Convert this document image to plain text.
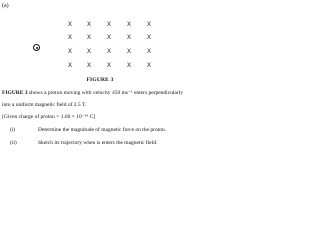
(a)
X	X	X	X	X
X	X	X	X	X
X	X	X	X	X
X	X	X	X	X
FIGURE 3
FIGURE 3 shows a proton moving with velocity 450 ms⁻¹ enters perpendicularly
into a uniform magnetic field of 2.5 T.
[Given charge of proton = 1.60 × 10⁻¹⁹ C]
(i)	Determine the magnitude of magnetic force on the proton.
(ii)	Sketch its trajectory when is enters the magnetic field.
